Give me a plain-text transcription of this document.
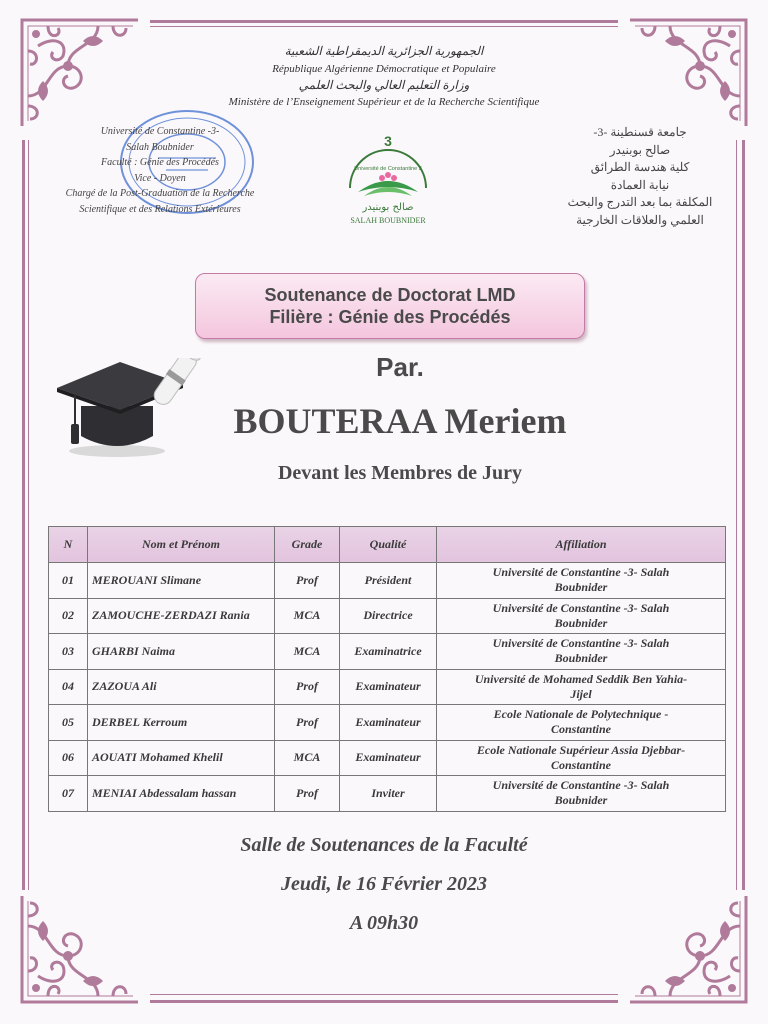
الجمهورية الجزائرية الديمقراطية الشعبية
République Algérienne Démocratique et Populaire
وزارة التعليم العالي والبحث العلمي
Ministère de l’Enseignement Supérieur et de la Recherche Scientifique
Université de Constantine -3-
Salah Boubnider
Faculté : Génie des Procédés
Vice - Doyen
Chargé de la Post-Graduation de la Recherche
Scientifique et des Relations Extérieures
3
Université de Constantine 3
صالح بوبنيدر
SALAH BOUBNIDER
جامعة قسنطينة -3-
صالح بوبنيدر
كلية هندسة الطرائق
نيابة العمادة
المكلفة بما بعد التدرج والبحث
العلمي والعلاقات الخارجية
Soutenance de Doctorat LMD
Filière : Génie des Procédés
Par.
BOUTERAA Meriem
Devant les Membres de Jury
N	Nom et Prénom	Grade	Qualité	Affiliation
01	MEROUANI Slimane	Prof	Président	Université de Constantine -3- Salah
Boubnider

02	ZAMOUCHE-ZERDAZI Rania	MCA	Directrice	Université de Constantine -3- Salah
Boubnider

03	GHARBI Naima	MCA	Examinatrice	Université de Constantine -3- Salah
Boubnider

04	ZAZOUA Ali	Prof	Examinateur	Université de Mohamed Seddik Ben Yahia-
Jijel

05	DERBEL Kerroum	Prof	Examinateur	Ecole Nationale de Polytechnique -
Constantine

06	AOUATI Mohamed Khelil	MCA	Examinateur	Ecole Nationale Supérieur Assia Djebbar-
Constantine

07	MENIAI Abdessalam hassan	Prof	Inviter	Université de Constantine -3- Salah
Boubnider
Salle de Soutenances de la Faculté
Jeudi, le 16 Février 2023
A 09h30
